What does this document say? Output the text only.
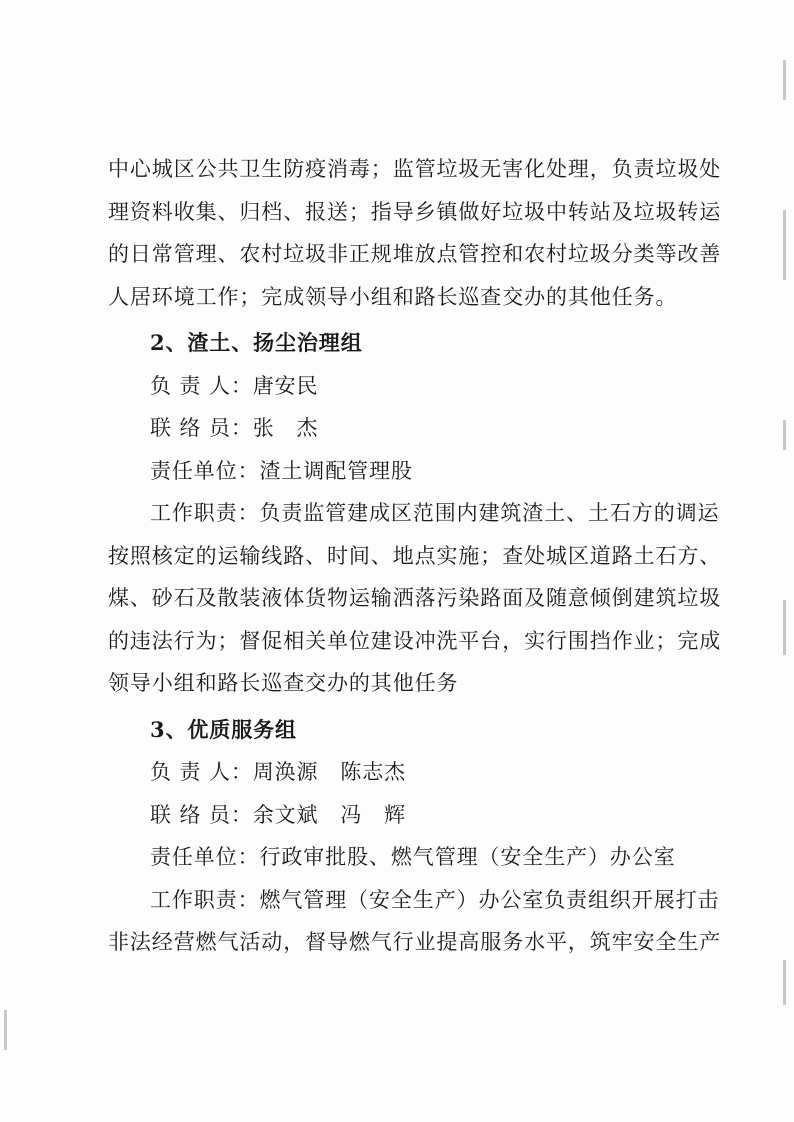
中心城区公共卫生防疫消毒；监管垃圾无害化处理，负责垃圾处
理资料收集、归档、报送；指导乡镇做好垃圾中转站及垃圾转运
的日常管理、农村垃圾非正规堆放点管控和农村垃圾分类等改善
人居环境工作；完成领导小组和路长巡查交办的其他任务。
2、渣土、扬尘治理组
负 责 人：唐安民
联 络 员：张　杰
责任单位：渣土调配管理股
工作职责：负责监管建成区范围内建筑渣土、土石方的调运
按照核定的运输线路、时间、地点实施；查处城区道路土石方、
煤、砂石及散装液体货物运输洒落污染路面及随意倾倒建筑垃圾
的违法行为；督促相关单位建设冲洗平台，实行围挡作业；完成
领导小组和路长巡查交办的其他任务
3、优质服务组
负 责 人：周涣源　陈志杰
联 络 员：余文斌　冯　辉
责任单位：行政审批股、燃气管理（安全生产）办公室
工作职责：燃气管理（安全生产）办公室负责组织开展打击
非法经营燃气活动，督导燃气行业提高服务水平，筑牢安全生产
